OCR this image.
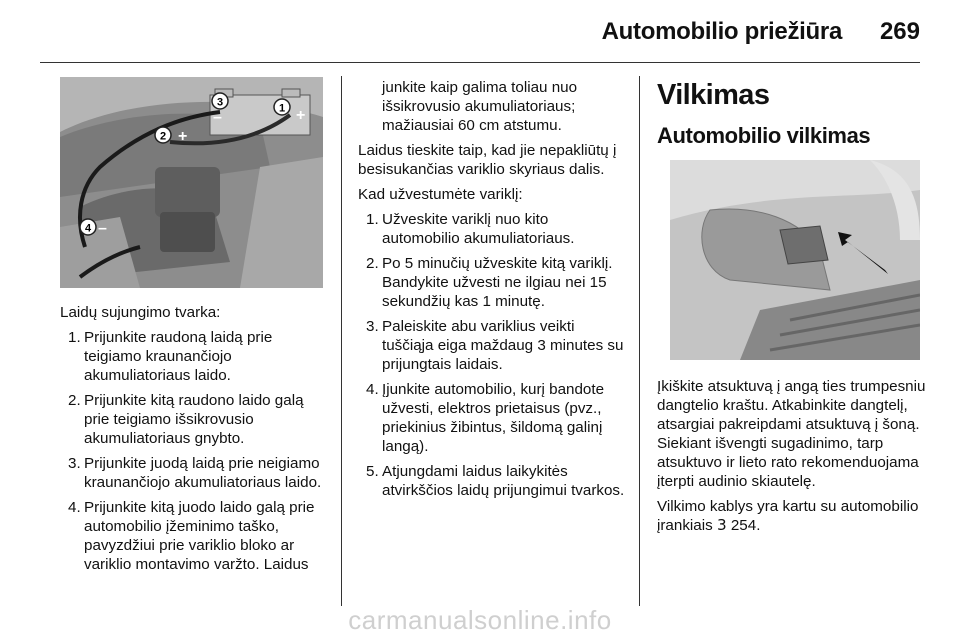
Automobilio priežiūra 269
3	1
2
4
+
+
–
–

Laidų sujungimo tvarka:

1. Prijunkite raudoną laidą prie teigiamo kraunančiojo akumuliatoriaus laido.
2. Prijunkite kitą raudono laido galą prie teigiamo išsikrovusio akumuliatoriaus gnybto.
3. Prijunkite juodą laidą prie neigiamo kraunančiojo akumuliatoriaus laido.
4. Prijunkite kitą juodo laido galą prie automobilio įžeminimo taško, pavyzdžiui prie variklio bloko ar variklio montavimo varžto. Laidus

junkite kaip galima toliau nuo išsikrovusio akumuliatoriaus; mažiausiai 60 cm atstumu.

Laidus tieskite taip, kad jie nepakliūtų į besisukančias variklio skyriaus dalis.

Kad užvestumėte variklį:

1. Užveskite variklį nuo kito automobilio akumuliatoriaus.
2. Po 5 minučių užveskite kitą variklį. Bandykite užvesti ne ilgiau nei 15 sekundžių kas 1 minutę.
3. Paleiskite abu variklius veikti tuščiąja eiga maždaug 3 minutes su prijungtais laidais.
4. Įjunkite automobilio, kurį bandote užvesti, elektros prietaisus (pvz., priekinius žibintus, šildomą galinį langą).
5. Atjungdami laidus laikykitės atvirkščios laidų prijungimui tvarkos.
Vilkimas
Automobilio vilkimas

Įkiškite atsuktuvą į angą ties trumpesniu dangtelio kraštu. Atkabinkite dangtelį, atsargiai pakreipdami atsuktuvą į šoną. Siekiant išvengti sugadinimo, tarp atsuktuvo ir lieto rato rekomenduojama įterpti audinio skiautelę.

Vilkimo kablys yra kartu su automobilio įrankiais 3 254.

carmanualsonline.info
